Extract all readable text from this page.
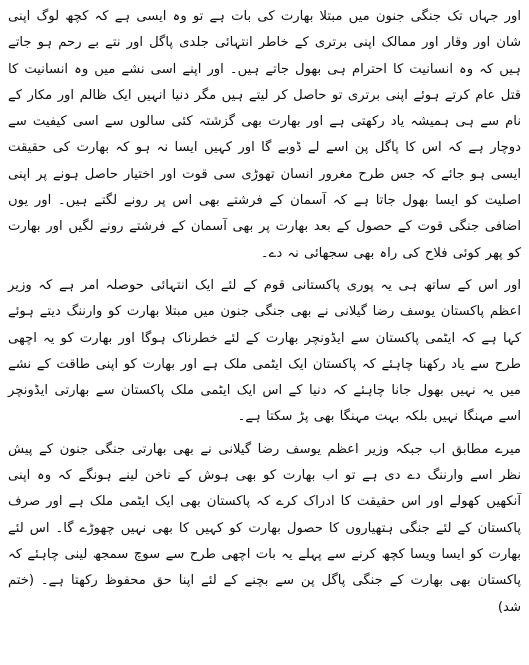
اور جہاں تک جنگی جنون میں مبتلا بھارت کی بات ہے تو وہ ایسی ہے کہ کچھ لوگ اپنی شان اور وقار اور ممالک اپنی برتری کے خاطر انتہائی جلدی پاگل اور نتے بے رحم ہو جاتے ہیں کہ وہ انسانیت کا احترام ہی بھول جاتے ہیں۔ اور اپنے اسی نشے میں وہ انسانیت کا قتل عام کرتے ہوئے اپنی برتری تو حاصل کر لیتے ہیں مگر دنیا انہیں ایک ظالم اور مکار کے نام سے ہی ہمیشہ یاد رکھتی ہے اور بھارت بھی گزشتہ کئی سالوں سے اسی کیفیت سے دوچار ہے کہ اس کا پاگل پن اسے لے ڈوبے گا اور کہیں ایسا نہ ہو کہ بھارت کی حقیقت ایسی ہو جائے کہ جس طرح مغرور انسان تھوڑی سی قوت اور اختیار حاصل ہونے پر اپنی اصلیت کو ایسا بھول جاتا ہے کہ آسمان کے فرشتے بھی اس پر رونے لگتے ہیں۔ اور یوں اضافی جنگی قوت کے حصول کے بعد بھارت پر بھی آسمان کے فرشتے رونے لگیں اور بھارت کو پھر کوئی فلاح کی راہ بھی سجھائی نہ دے۔

اور اس کے ساتھ ہی یہ پوری پاکستانی قوم کے لئے ایک انتہائی حوصلہ امر ہے کہ وزیر اعظم پاکستان یوسف رضا گیلانی نے بھی جنگی جنون میں مبتلا بھارت کو وارننگ دیتے ہوئے کہا ہے کہ ایٹمی پاکستان سے ایڈونچر بھارت کے لئے خطرناک ہوگا اور بھارت کو یہ اچھی طرح سے یاد رکھنا چاہئے کہ پاکستان ایک ایٹمی ملک ہے اور بھارت کو اپنی طاقت کے نشے میں یہ نہیں بھول جانا چاہئے کہ دنیا کے اس ایک ایٹمی ملک پاکستان سے بھارتی ایڈونچر اسے مہنگا نہیں بلکہ بہت مہنگا بھی پڑ سکتا ہے۔

میرے مطابق اب جبکہ وزیر اعظم یوسف رضا گیلانی نے بھی بھارتی جنگی جنون کے پیش نظر اسے وارننگ دے دی ہے تو اب بھارت کو بھی ہوش کے ناخن لینے ہونگے کہ وہ اپنی آنکھیں کھولے اور اس حقیقت کا ادراک کرے کہ پاکستان بھی ایک ایٹمی ملک ہے اور صرف پاکستان کے لئے جنگی ہتھیاروں کا حصول بھارت کو کہیں کا بھی نہیں چھوڑے گا۔ اس لئے بھارت کو ایسا ویسا کچھ کرنے سے پہلے یہ بات اچھی طرح سے سوچ سمجھ لینی چاہئے کہ پاکستان بھی بھارت کے جنگی پاگل پن سے بچنے کے لئے اپنا حق محفوظ رکھتا ہے۔ (ختم شد)
